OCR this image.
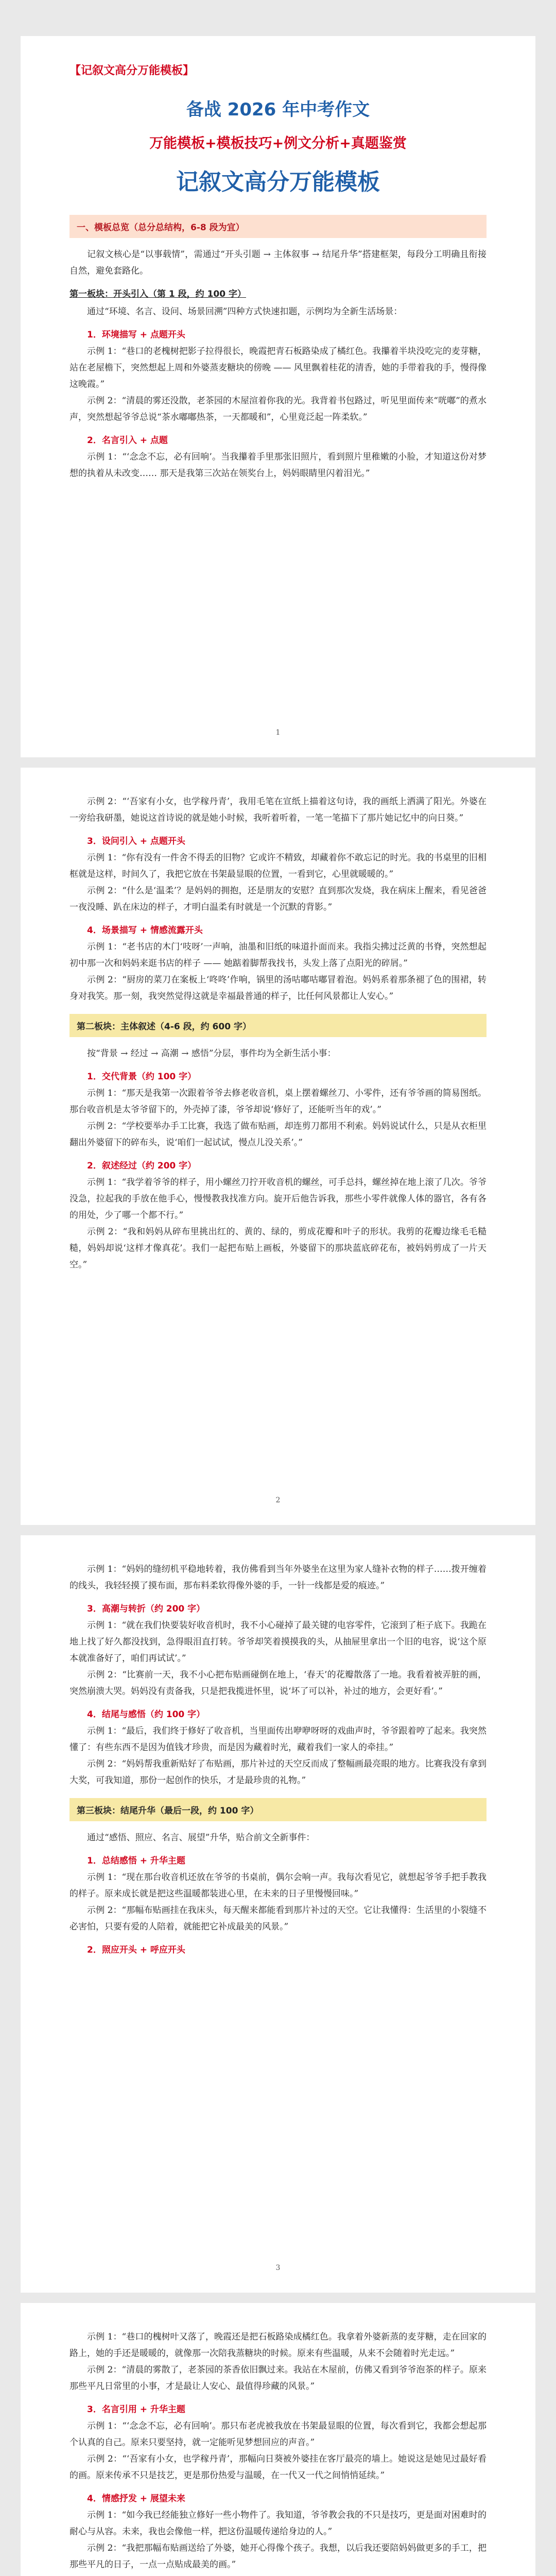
【记叙文高分万能模板】
备战 2026 年中考作文
万能模板+模板技巧+例文分析+真题鉴赏
记叙文高分万能模板
一、模板总览（总分总结构，6-8 段为宜）

记叙文核心是“以事载情”，需通过“开头引题 → 主体叙事 → 结尾升华”搭建框架，每段分工明确且衔接自然，避免套路化。

第一板块：开头引入（第 1 段，约 100 字）

通过“环境、名言、设问、场景回溯”四种方式快速扣题，示例均为全新生活场景：

1．环境描写 + 点题开头

示例 1：“巷口的老槐树把影子拉得很长，晚霞把青石板路染成了橘红色。我攥着半块没吃完的麦芽糖，站在老屋檐下，突然想起上周和外婆蒸麦糖块的傍晚 —— 风里飘着桂花的清香，她的手带着我的手，慢得像这晚霞。”

示例 2：“清晨的雾还没散，老茶园的木屋渲着你我的光。我背着书包路过，听见里面传来“咣嘟”的煮水声，突然想起爷爷总说“茶水嘟嘟热茶，一天都暖和”，心里竟泛起一阵柔软。”

2．名言引入 + 点题

示例 1：“‘念念不忘，必有回响’。当我攥着手里那张旧照片，看到照片里稚嫩的小脸，才知道这份对梦想的执着从未改变…… 那天是我第三次站在领奖台上，妈妈眼睛里闪着泪光。”

1

示例 2：“‘吾家有小女，也学稼丹青’，我用毛笔在宣纸上描着这句诗，我的画纸上洒满了阳光。外婆在一旁给我研墨，她说这首诗说的就是她小时候，我听着听着，一笔一笔描下了那片她记忆中的向日葵。”

3．设问引入 + 点题开头

示例 1：“你有没有一件舍不得丢的旧物？它或许不精致，却藏着你不敢忘记的时光。我的书桌里的旧相框就是这样，时间久了，我把它放在书架最显眼的位置，一看到它，心里就暖暖的。”

示例 2：“什么是‘温柔’？是妈妈的拥抱，还是朋友的安慰？直到那次发烧，我在病床上醒来，看见爸爸一夜没睡、趴在床边的样子，才明白温柔有时就是一个沉默的背影。”

4．场景描写 + 情感流露开头

示例 1：“老书店的木门‘吱呀’一声响，油墨和旧纸的味道扑面而来。我指尖拂过泛黄的书脊，突然想起初中那一次和妈妈来逛书店的样子 —— 她踮着脚帮我找书，头发上落了点阳光的碎屑。”

示例 2：“厨房的菜刀在案板上‘咚咚’作响，锅里的汤咕嘟咕嘟冒着泡。妈妈系着那条褪了色的围裙，转身对我笑。那一刻，我突然觉得这就是幸福最普通的样子，比任何风景都让人安心。”

第二板块：主体叙述（4-6 段，约 600 字）

按“背景 → 经过 → 高潮 → 感悟”分层，事件均为全新生活小事：

1．交代背景（约 100 字）

示例 1：“那天是我第一次跟着爷爷去修老收音机，桌上摆着螺丝刀、小零件，还有爷爷画的简易图纸。那台收音机是太爷爷留下的，外壳掉了漆，爷爷却说‘修好了，还能听当年的戏’。”

示例 2：“学校要举办手工比赛，我选了做布贴画，却连剪刀都用不利索。妈妈说试什么，只是从衣柜里翻出外婆留下的碎布头，说‘咱们一起试试，慢点儿没关系’。”

2．叙述经过（约 200 字）

示例 1：“我学着爷爷的样子，用小螺丝刀拧开收音机的螺丝，可手总抖，螺丝掉在地上滚了几次。爷爷没急，拉起我的手放在他手心，慢慢教我找准方向。旋开后他告诉我，那些小零件就像人体的器官，各有各的用处，少了哪一个都不行。”

示例 2：“我和妈妈从碎布里挑出红的、黄的、绿的，剪成花瓣和叶子的形状。我剪的花瓣边缘毛毛糙糙，妈妈却说‘这样才像真花’。我们一起把布贴上画板，外婆留下的那块蓝底碎花布，被妈妈剪成了一片天空。”

2

示例 1：“妈妈的缝纫机平稳地转着，我仿佛看到当年外婆坐在这里为家人缝补衣物的样子……拨开缠着的线头，我轻轻摸了摸布面，那布料柔软得像外婆的手，一针一线都是爱的痕迹。”

3．高潮与转折（约 200 字）

示例 1：“就在我们快要装好收音机时，我不小心碰掉了最关键的电容零件，它滚到了柜子底下。我跪在地上找了好久都没找到，急得眼泪直打转。爷爷却笑着摸摸我的头，从抽屉里拿出一个旧的电容，说‘这个原本就准备好了，咱们再试试’。”

示例 2：“比赛前一天，我不小心把布贴画碰倒在地上，‘春天’的花瓣散落了一地。我看着被弄脏的画，突然崩溃大哭。妈妈没有责备我，只是把我揽进怀里，说‘坏了可以补，补过的地方，会更好看’。”

4．结尾与感悟（约 100 字）

示例 1：“最后，我们终于修好了收音机，当里面传出咿咿呀呀的戏曲声时，爷爷跟着哼了起来。我突然懂了：有些东西不是因为值钱才珍贵，而是因为藏着时光，藏着我们一家人的牵挂。”

示例 2：“妈妈帮我重新贴好了布贴画，那片补过的天空反而成了整幅画最亮眼的地方。比赛我没有拿到大奖，可我知道，那份一起创作的快乐，才是最珍贵的礼物。”

第三板块：结尾升华（最后一段，约 100 字）

通过“感悟、照应、名言、展望”升华，贴合前文全新事件：

1．总结感悟 + 升华主题

示例 1：“现在那台收音机还放在爷爷的书桌前，偶尔会响一声。我每次看见它，就想起爷爷手把手教我的样子。原来成长就是把这些温暖都装进心里，在未来的日子里慢慢回味。”

示例 2：“那幅布贴画挂在我床头，每天醒来都能看到那片补过的天空。它让我懂得：生活里的小裂缝不必害怕，只要有爱的人陪着，就能把它补成最美的风景。”

2．照应开头 + 呼应开头
3

示例 1：“巷口的槐树叶又落了，晚霞还是把石板路染成橘红色。我拿着外婆新蒸的麦芽糖，走在回家的路上，她的手还是暖暖的，就像那一次陪我蒸糖块的时候。原来有些温暖，从来不会随着时光走远。”

示例 2：“清晨的雾散了，老茶园的茶香依旧飘过来。我站在木屋前，仿佛又看到爷爷泡茶的样子。原来那些平凡日常里的小事，才是最让人安心、最值得珍藏的风景。”

3．名言引用 + 升华主题

示例 1：“‘念念不忘，必有回响’。那只布老虎被我放在书架最显眼的位置，每次看到它，我都会想起那个认真的自己。原来只要坚持，就一定能听见梦想回应的声音。”

示例 2：“‘吾家有小女，也学稼丹青’，那幅向日葵被外婆挂在客厅最亮的墙上。她说这是她见过最好看的画。原来传承不只是技艺，更是那份热爱与温暖，在一代又一代之间悄悄延续。”

4．情感抒发 + 展望未来

示例 1：“如今我已经能独立修好一些小物件了。我知道，爷爷教会我的不只是技巧，更是面对困难时的耐心与从容。未来，我也会像他一样，把这份温暖传递给身边的人。”

示例 2：“我把那幅布贴画送给了外婆，她开心得像个孩子。我想，以后我还要陪妈妈做更多的手工，把那些平凡的日子，一点一点贴成最美的画。”
